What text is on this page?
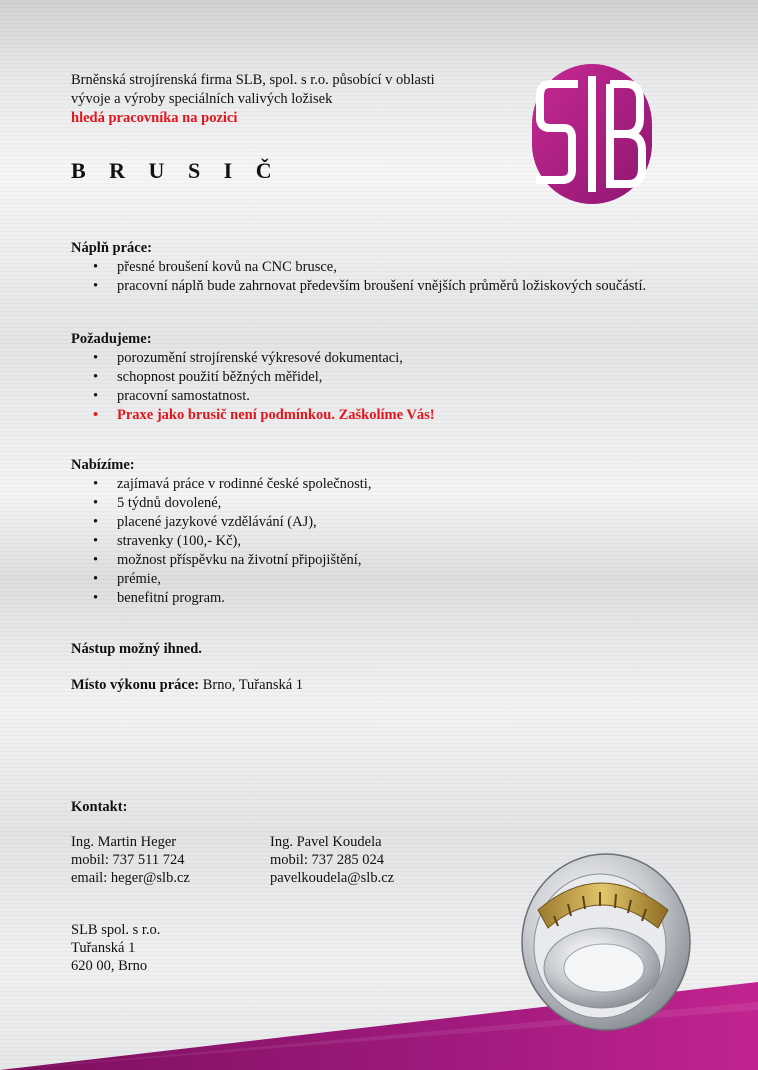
Brněnská strojírenská firma SLB, spol. s r.o. působící v oblasti
vývoje a výroby speciálních valivých ložisek
hledá pracovníka na pozici
B R U S I Č
Náplň práce:
• přesné broušení kovů na CNC brusce,
• pracovní náplň bude zahrnovat především broušení vnějších průměrů ložiskových součástí.
Požadujeme:
• porozumění strojírenské výkresové dokumentaci,
• schopnost použití běžných měřidel,
• pracovní samostatnost.
• Praxe jako brusič není podmínkou. Zaškolíme Vás!
Nabízíme:
• zajímavá práce v rodinné české společnosti,
• 5 týdnů dovolené,
• placené jazykové vzdělávání (AJ),
• stravenky (100,- Kč),
• možnost příspěvku na životní připojištění,
• prémie,
• benefitní program.
Nástup možný ihned.
Místo výkonu práce: Brno, Tuřanská 1
Kontakt:
Ing. Martin Heger
mobil: 737 511 724
email: heger@slb.cz
Ing. Pavel Koudela
mobil: 737 285 024
pavelkoudela@slb.cz
SLB spol. s r.o.
Tuřanská 1
620 00, Brno
